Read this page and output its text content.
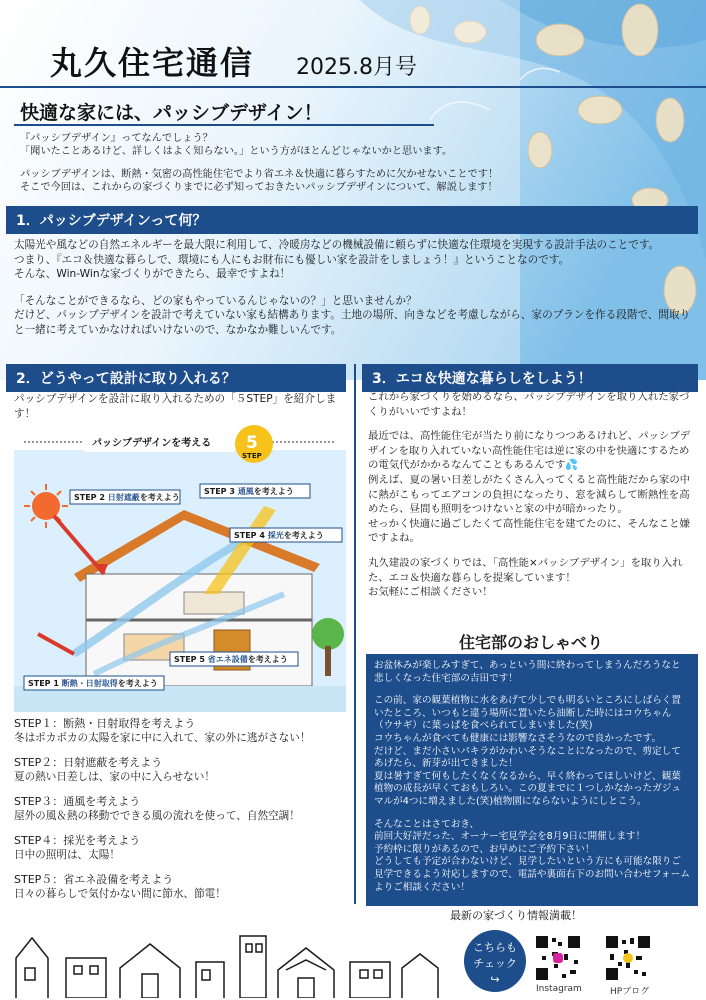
丸久住宅通信 2025.8月号
快適な家には、パッシブデザイン！

『パッシブデザイン』ってなんでしょう？
「聞いたことあるけど、詳しくはよく知らない。」という方がほとんどじゃないかと思います。

パッシブデザインは、断熱・気密の高性能住宅でより省エネ＆快適に暮らすために欠かせないことです！
そこで今回は、これからの家づくりまでに必ず知っておきたいパッシブデザインについて、解説します！

1．パッシブデザインって何？

太陽光や風などの自然エネルギーを最大限に利用して、冷暖房などの機械設備に頼らずに快適な住環境を実現する設計手法のことです。
つまり、『エコ＆快適な暮らしで、環境にも人にもお財布にも優しい家を設計をしましょう！』ということなのです。
そんな、Win-Winな家づくりができたら、最幸ですよね！

「そんなことができるなら、どの家もやっているんじゃないの？」と思いませんか？
だけど、パッシブデザインを設計で考えていない家も結構あります。土地の場所、向きなどを考慮しながら、家のプランを作る段階で、間取りと一緒に考えていかなければいけないので、なかなか難しいんです。

2．どうやって設計に取り入れる？

パッシブデザインを設計に取り入れるための「５STEP」を紹介します！

パッシブデザインを考える 5
STEP
STEP 2 日射遮蔽を考えよう
STEP 3 通風を考えよう
STEP 4 採光を考えよう
STEP 5 省エネ設備を考えよう
STEP 1 断熱・日射取得を考えよう
STEP１：断熱・日射取得を考えよう
冬はポカポカの太陽を家に中に入れて、家の外に逃がさない！
STEP２：日射遮蔽を考えよう
夏の熱い日差しは、家の中に入らせない！
STEP３：通風を考えよう
屋外の風＆熱の移動でできる風の流れを使って、自然空調！
STEP４：採光を考えよう
日中の照明は、太陽！
STEP５：省エネ設備を考えよう
日々の暮らしで気付かない間に節水、節電！
3．エコ＆快適な暮らしをしよう！

これから家づくりを始めるなら、パッシブデザインを取り入れた家づくりがいいですよね！

最近では、高性能住宅が当たり前になりつつあるけれど、パッシブデザインを取り入れていない高性能住宅は逆に家の中を快適にするための電気代がかかるなんてこともあるんです💦
例えば、夏の暑い日差しがたくさん入ってくると高性能だから家の中に熱がこもってエアコンの負担になったり、窓を減らして断熱性を高めたら、昼間も照明をつけないと家の中が暗かったり。
せっかく快適に過ごしたくて高性能住宅を建てたのに、そんなこと嫌ですよね。

丸久建設の家づくりでは、「高性能×パッシブデザイン」を取り入れた、エコ＆快適な暮らしを提案しています！
お気軽にご相談ください！

住宅部のおしゃべり

お盆休みが楽しみすぎて、あっという間に終わってしまうんだろうなと悲しくなった住宅部の吉田です！

この前、家の観葉植物に水をあげて少しでも明るいところにしばらく置いたところ、いつもと違う場所に置いたら油断した時にはコウちゃん（ウサギ）に葉っぱを食べられてしまいました(笑)
コウちゃんが食べても健康には影響なさそうなので良かったです。
だけど、まだ小さいパキラがかわいそうなことになったので、剪定してあげたら、新芽が出てきました！
夏は暑すぎて何もしたくなくなるから、早く終わってほしいけど、観葉植物の成長が早くておもしろい。この夏までに１つしかなかったガジュマルが4つに増えました(笑)植物園にならないようにしとこう。

そんなことはさておき、
前回大好評だった、オーナー宅見学会を8月9日に開催します！
予約枠に限りがあるので、お早めにご予約下さい！
どうしても予定が合わないけど、見学したいという方にも可能な限りご見学できるよう対応しますので、電話や裏面右下のお問い合わせフォームよりご相談ください！

最新の家づくり情報満載！
こちらも
チェック
↪
Instagram	HPブログ
